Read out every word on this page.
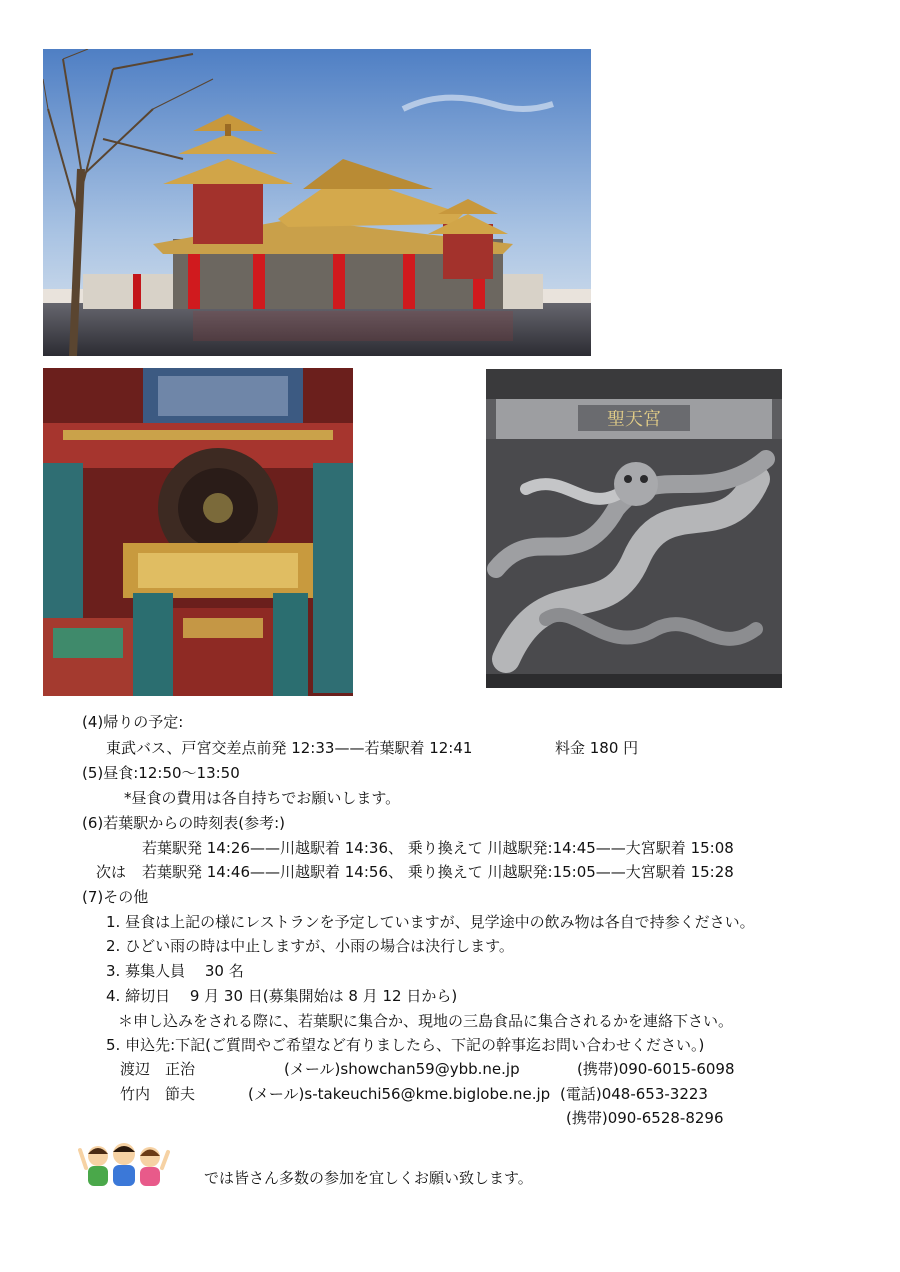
聖天宮
(4)帰りの予定:
東武バス、戸宮交差点前発 12:33——若葉駅着 12:41	料金 180 円
(5)昼食:12:50〜13:50
*昼食の費用は各自持ちでお願いします。
(6)若葉駅からの時刻表(参考:)
若葉駅発 14:26——川越駅着 14:36、 乗り換えて 川越駅発:14:45——大宮駅着 15:08
次は 若葉駅発 14:46——川越駅着 14:56、 乗り換えて 川越駅発:15:05——大宮駅着 15:28
(7)その他
1. 昼食は上記の様にレストランを予定していますが、見学途中の飲み物は各自で持参ください。
2. ひどい雨の時は中止しますが、小雨の場合は決行します。
3. 募集人員　 30 名
4. 締切日　 9 月 30 日(募集開始は 8 月 12 日から)
＊申し込みをされる際に、若葉駅に集合か、現地の三島食品に集合されるかを連絡下さい。
5. 申込先:下記(ご質問やご希望など有りましたら、下記の幹事迄お問い合わせください。)
渡辺　正治	(メール)showchan59@ybb.ne.jp	(携帯)090-6015-6098
竹内　節夫	(メール)s-takeuchi56@kme.biglobe.ne.jp (電話)048-653-3223
(携帯)090-6528-8296
では皆さん多数の参加を宜しくお願い致します。
